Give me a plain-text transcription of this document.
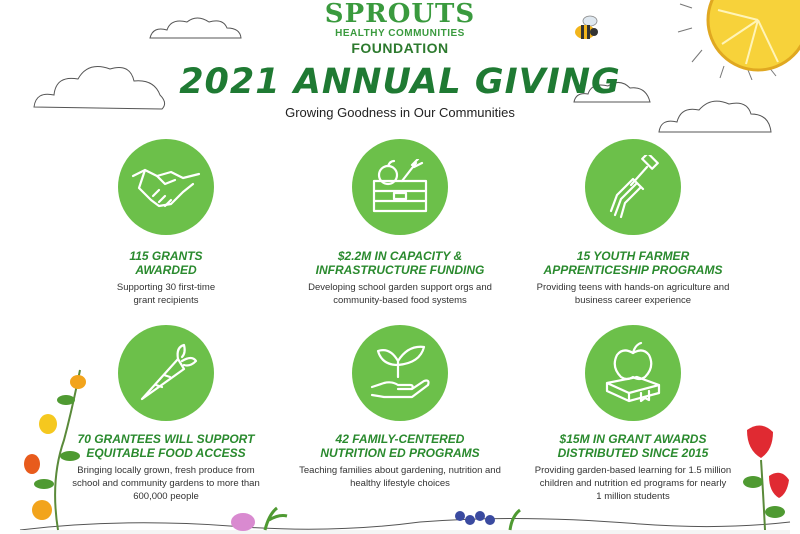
SPROUTS
HEALTHY COMMUNITIES
FOUNDATION
2021 ANNUAL GIVING
Growing Goodness in Our Communities
115 GRANTS
AWARDED
Supporting 30 first-time
grant recipients
$2.2M IN CAPACITY &
INFRASTRUCTURE FUNDING
Developing school garden support orgs and
community-based food systems
15 YOUTH FARMER
APPRENTICESHIP PROGRAMS
Providing teens with hands-on agriculture and
business career experience
70 GRANTEES WILL SUPPORT
EQUITABLE FOOD ACCESS
Bringing locally grown, fresh produce from
school and community gardens to more than
600,000 people
42 FAMILY-CENTERED
NUTRITION ED PROGRAMS
Teaching families about gardening, nutrition and
healthy lifestyle choices
$15M IN GRANT AWARDS
DISTRIBUTED SINCE 2015
Providing garden-based learning for 1.5 million
children and nutrition ed programs for nearly
1 million students
